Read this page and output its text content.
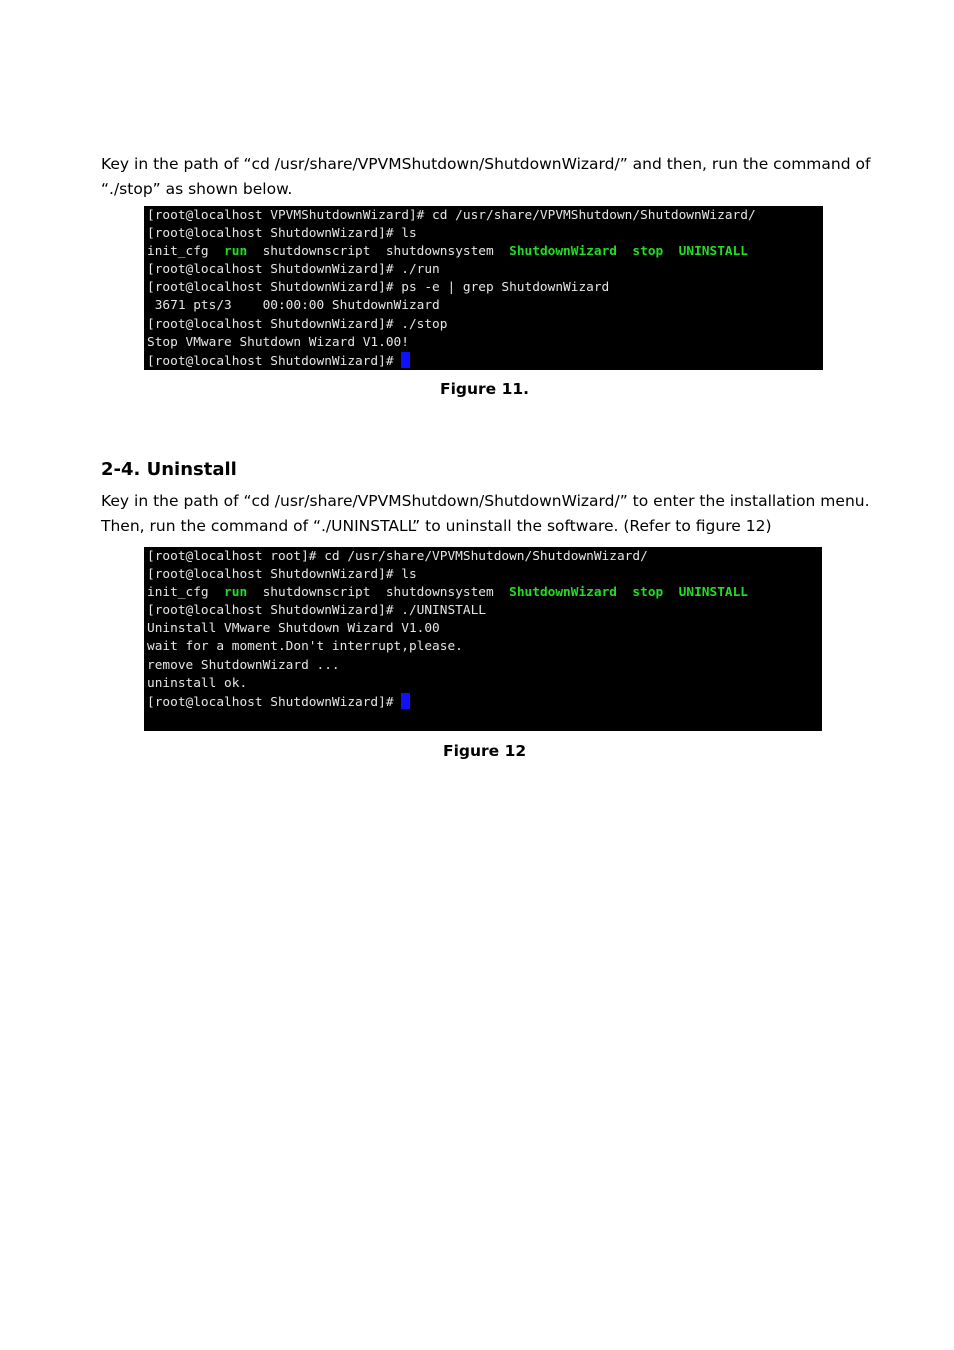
Key in the path of “cd /usr/share/VPVMShutdown/ShutdownWizard/” and then, run the command of
“./stop” as shown below.
[root@localhost VPVMShutdownWizard]# cd /usr/share/VPVMShutdown/ShutdownWizard/
[root@localhost ShutdownWizard]# ls
init_cfg  run  shutdownscript  shutdownsystem  ShutdownWizard stop UNINSTALL
[root@localhost ShutdownWizard]# ./run
[root@localhost ShutdownWizard]# ps -e | grep ShutdownWizard
3671 pts/3    00:00:00 ShutdownWizard
[root@localhost ShutdownWizard]# ./stop
Stop VMware Shutdown Wizard V1.00!
[root@localhost ShutdownWizard]#
Figure 11.
2-4. Uninstall
Key in the path of “cd /usr/share/VPVMShutdown/ShutdownWizard/” to enter the installation menu.
Then, run the command of “./UNINSTALL” to uninstall the software. (Refer to figure 12)
[root@localhost root]# cd /usr/share/VPVMShutdown/ShutdownWizard/
[root@localhost ShutdownWizard]# ls
init_cfg  run  shutdownscript  shutdownsystem  ShutdownWizard stop UNINSTALL
[root@localhost ShutdownWizard]# ./UNINSTALL
Uninstall VMware Shutdown Wizard V1.00
wait for a moment.Don't interrupt,please.
remove ShutdownWizard ...
uninstall ok.
[root@localhost ShutdownWizard]#
Figure 12
